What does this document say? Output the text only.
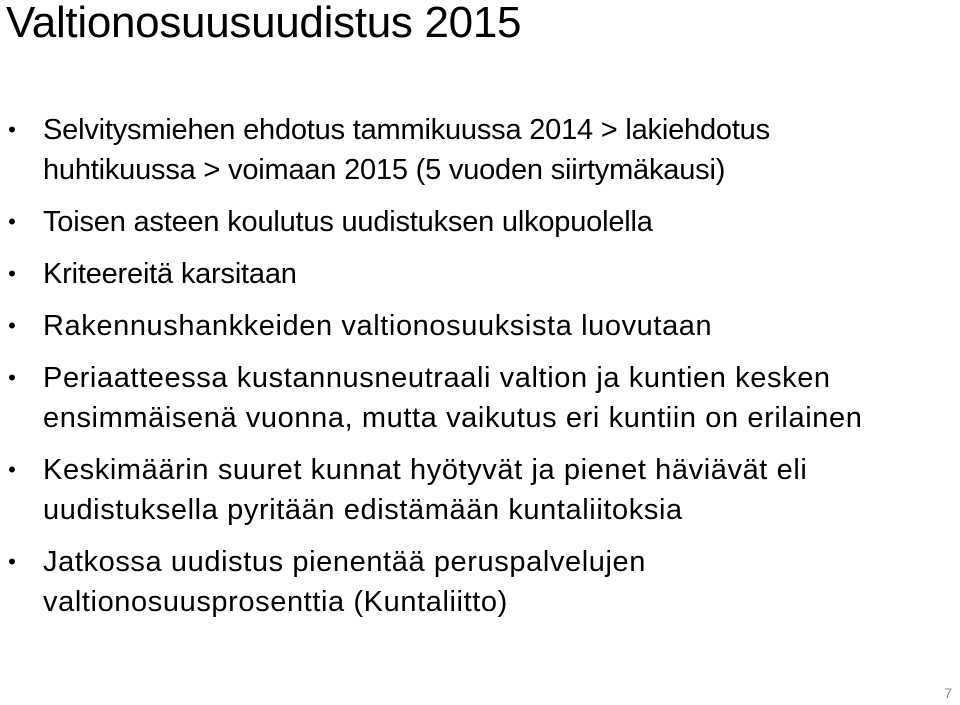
Valtionosuusuudistus 2015
• Selvitysmiehen ehdotus tammikuussa 2014 > lakiehdotus
huhtikuussa > voimaan 2015 (5 vuoden siirtymäkausi)
• Toisen asteen koulutus uudistuksen ulkopuolella
• Kriteereitä karsitaan
• Rakennushankkeiden valtionosuuksista luovutaan
• Periaatteessa kustannusneutraali valtion ja kuntien kesken
ensimmäisenä vuonna, mutta vaikutus eri kuntiin on erilainen
• Keskimäärin suuret kunnat hyötyvät ja pienet häviävät eli
uudistuksella pyritään edistämään kuntaliitoksia
• Jatkossa uudistus pienentää peruspalvelujen
valtionosuusprosenttia (Kuntaliitto)
7
